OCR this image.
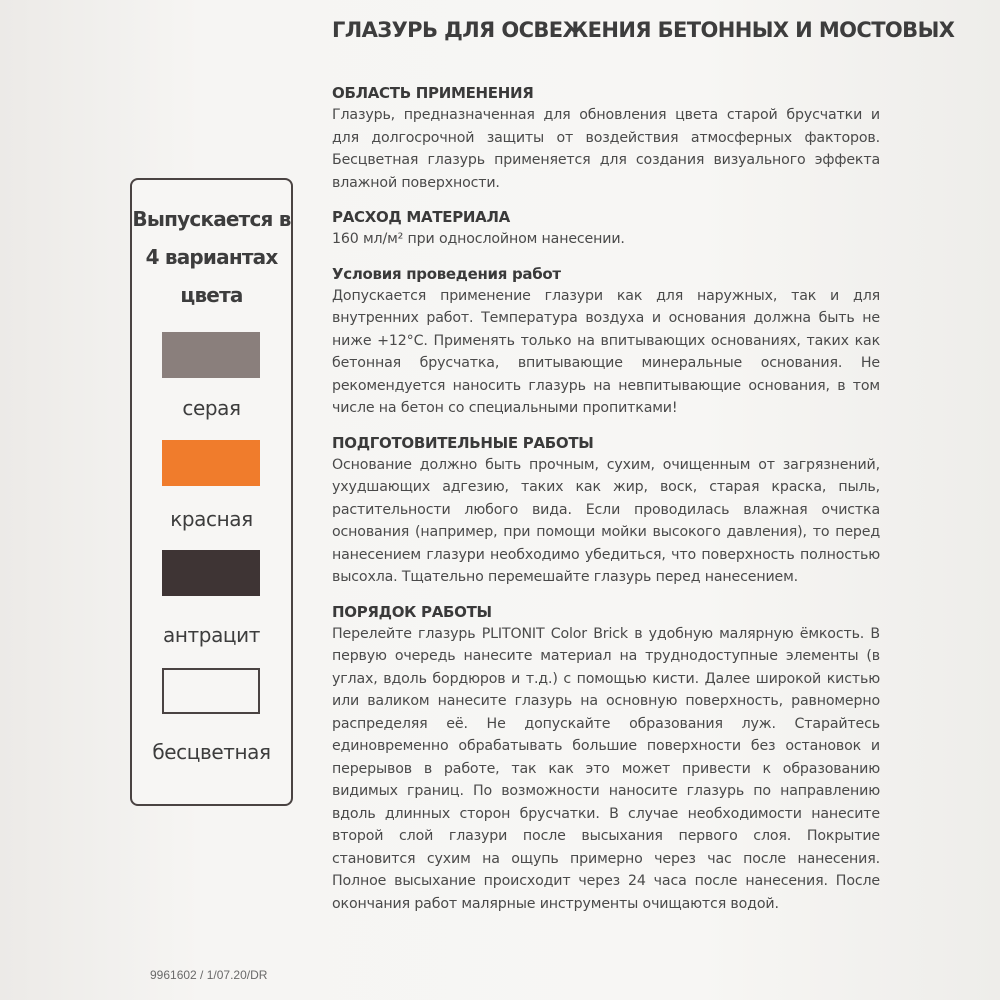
ГЛАЗУРЬ ДЛЯ ОСВЕЖЕНИЯ БЕТОННЫХ И МОСТОВЫХ
ОБЛАСТЬ ПРИМЕНЕНИЯ

Глазурь, предназначенная для обновления цвета старой брусчатки и для долгосрочной защиты от воздействия атмосферных факторов. Бесцветная глазурь применяется для создания визуального эффекта влажной поверхности.

РАСХОД МАТЕРИАЛА

160 мл/м² при однослойном нанесении.

Условия проведения работ

Допускается применение глазури как для наружных, так и для внутренних работ. Температура воздуха и основания должна быть не ниже +12°С. Применять только на впитывающих основаниях, таких как бетонная брусчатка, впитывающие минеральные основания. Не рекомендуется наносить глазурь на невпитывающие основания, в том числе на бетон со специальными пропитками!

ПОДГОТОВИТЕЛЬНЫЕ РАБОТЫ

Основание должно быть прочным, сухим, очищенным от загрязнений, ухудшающих адгезию, таких как жир, воск, старая краска, пыль, растительности любого вида. Если проводилась влажная очистка основания (например, при помощи мойки высокого давления), то перед нанесением глазури необходимо убедиться, что поверхность полностью высохла. Тщательно перемешайте глазурь перед нанесением.

ПОРЯДОК РАБОТЫ

Перелейте глазурь PLITONIT Color Brick в удобную малярную ёмкость. В первую очередь нанесите материал на труднодоступные элементы (в углах, вдоль бордюров и т.д.) с помощью кисти. Далее широкой кистью или валиком нанесите глазурь на основную поверхность, равномерно распределяя её. Не допускайте образования луж. Старайтесь единовременно обрабатывать большие поверхности без остановок и перерывов в работе, так как это может привести к образованию видимых границ. По возможности наносите глазурь по направлению вдоль длинных сторон брусчатки. В случае необходимости нанесите второй слой глазури после высыхания первого слоя. Покрытие становится сухим на ощупь примерно через час после нанесения. Полное высыхание происходит через 24 часа после нанесения. После окончания работ малярные инструменты очищаются водой.

Выпускается в 4 вариантах цвета

серая
красная
антрацит
бесцветная
9961602 / 1/07.20/DR
